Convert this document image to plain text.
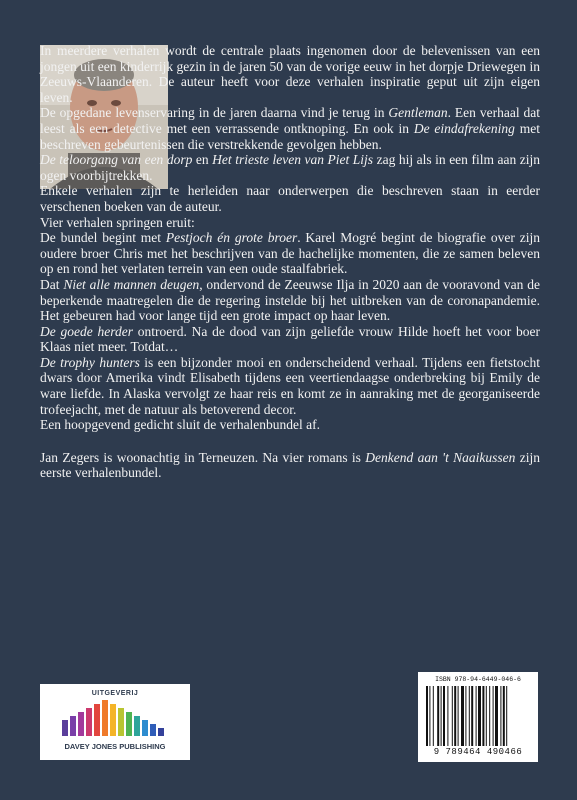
In meerdere verhalen wordt de centrale plaats ingenomen door de belevenissen van een jongen uit een kinderrijk gezin in de jaren 50 van de vorige eeuw in het dorpje Driewegen in Zeeuws-Vlaanderen. De auteur heeft voor deze verhalen inspiratie geput uit zijn eigen leven.

De opgedane levenservaring in de jaren daarna vind je terug in Gentleman. Een verhaal dat leest als een detective met een verrassende ontknoping. En ook in De eindafrekening met beschreven gebeurtenissen die verstrekkende gevolgen hebben.

De teloorgang van een dorp en Het trieste leven van Piet Lijs zag hij als in een film aan zijn ogen voorbijtrekken.

Enkele verhalen zijn te herleiden naar onderwerpen die beschreven staan in eerder verschenen boeken van de auteur.

Vier verhalen springen eruit:

De bundel begint met Pestjoch én grote broer. Karel Mogré begint de biografie over zijn oudere broer Chris met het beschrijven van de hachelijke momenten, die ze samen beleven op en rond het verlaten terrein van een oude staalfabriek.

Dat Niet alle mannen deugen, ondervond de Zeeuwse Ilja in 2020 aan de vooravond van de beperkende maatregelen die de regering instelde bij het uitbreken van de coronapandemie. Het gebeuren had voor lange tijd een grote impact op haar leven.

De goede herder ontroerd. Na de dood van zijn geliefde vrouw Hilde hoeft het voor boer Klaas niet meer. Totdat…

De trophy hunters is een bijzonder mooi en onderscheidend verhaal. Tijdens een fietstocht dwars door Amerika vindt Elisabeth tijdens een veertiendaagse onderbreking bij Emily de ware liefde. In Alaska vervolgt ze haar reis en komt ze in aanraking met de georganiseerde trofeejacht, met de natuur als betoverend decor.

Een hoopgevend gedicht sluit de verhalenbundel af.

Jan Zegers is woonachtig in Terneuzen. Na vier romans is Denkend aan 't Naaikussen zijn eerste verhalenbundel.

UITGEVERIJ
DAVEY JONES PUBLISHING
ISBN 978-94-6449-046-6
9 789464 490466
